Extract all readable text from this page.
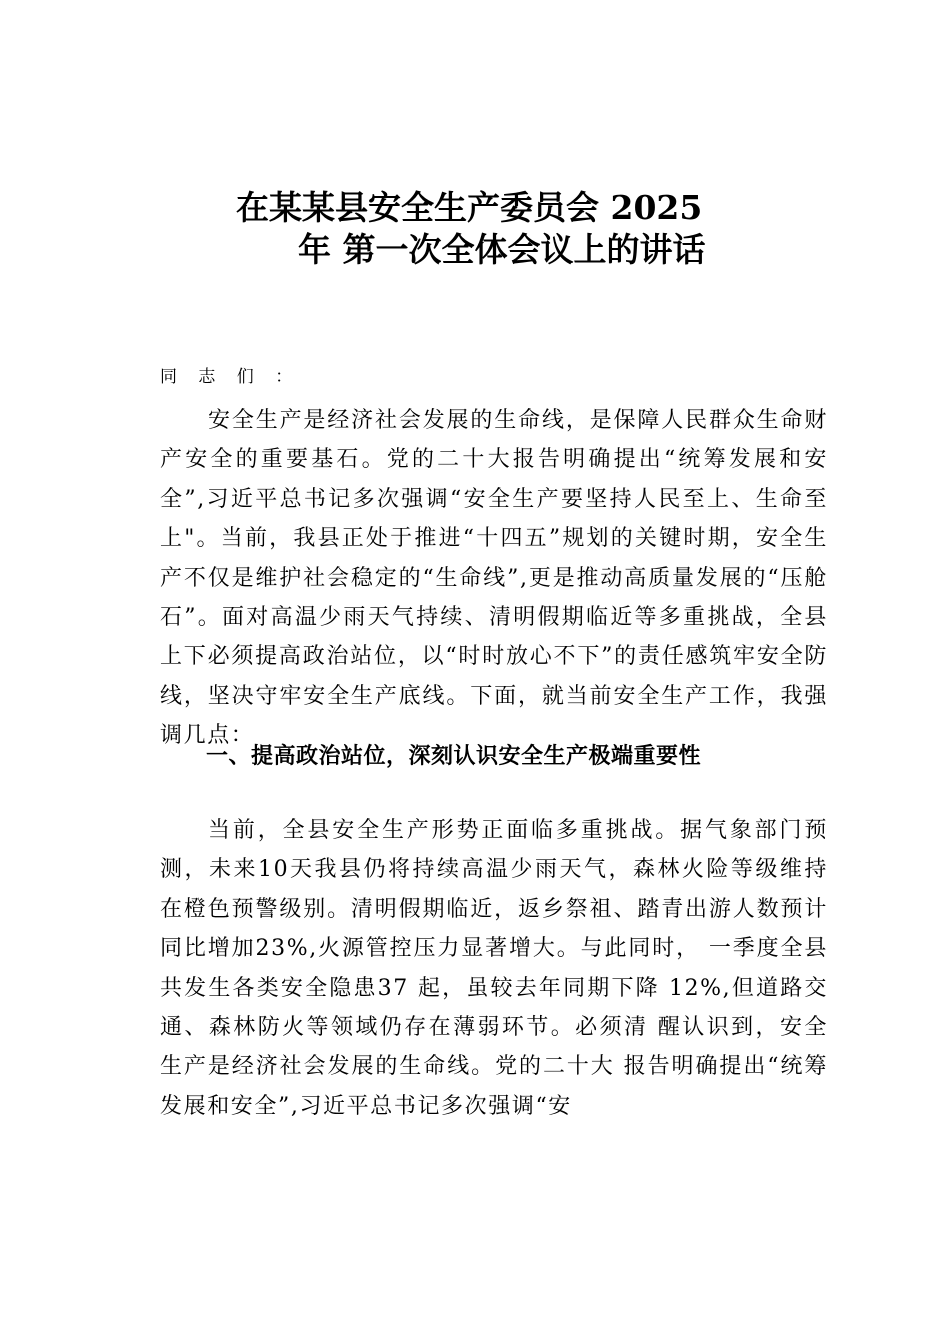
在某某县安全生产委员会 2025
年 第一次全体会议上的讲话
同 志 们 ：
安全生产是经济社会发展的生命线，是保障人民群众生命财产安全的重要基石。党的二十大报告明确提出“统筹发展和安全”,习近平总书记多次强调“安全生产要坚持人民至上、生命至上"。当前，我县正处于推进“十四五”规划的关键时期，安全生产不仅是维护社会稳定的“生命线”,更是推动高质量发展的“压舱石”。面对高温少雨天气持续、清明假期临近等多重挑战，全县上下必须提高政治站位，以“时时放心不下”的责任感筑牢安全防线，坚决守牢安全生产底线。下面，就当前安全生产工作，我强调几点：
一、提高政治站位，深刻认识安全生产极端重要性
当前，全县安全生产形势正面临多重挑战。据气象部门预测，未来10天我县仍将持续高温少雨天气，森林火险等级维持在橙色预警级别。清明假期临近，返乡祭祖、踏青出游人数预计同比增加23%,火源管控压力显著增大。与此同时， 一季度全县共发生各类安全隐患37 起，虽较去年同期下降 12%,但道路交通、森林防火等领域仍存在薄弱环节。必须清 醒认识到，安全生产是经济社会发展的生命线。党的二十大 报告明确提出“统筹发展和安全”,习近平总书记多次强调“安
